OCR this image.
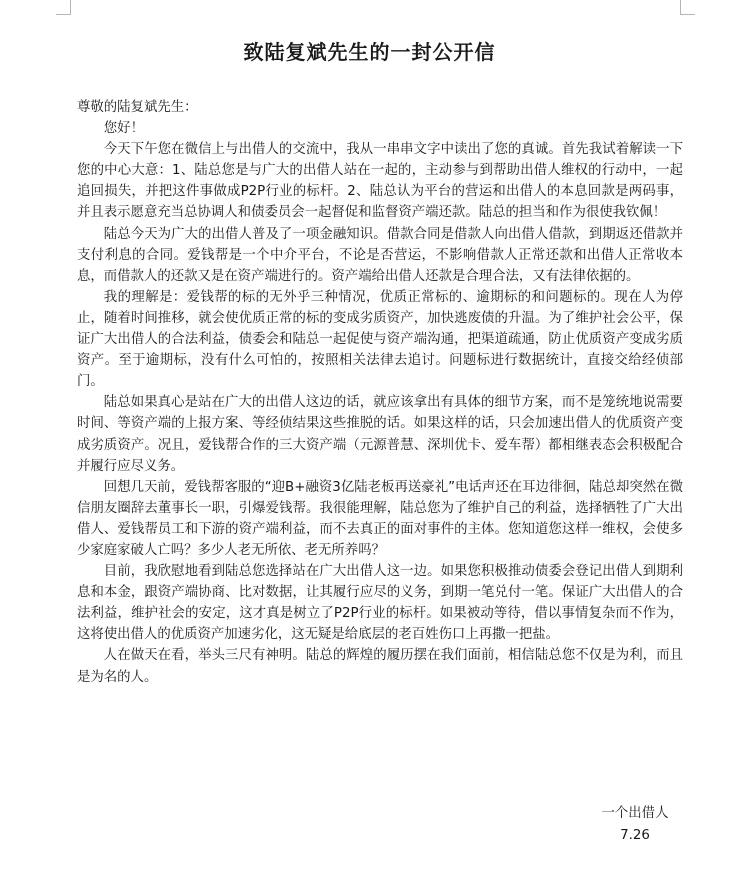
致陆复斌先生的一封公开信

尊敬的陆复斌先生：

您好！

今天下午您在微信上与出借人的交流中，我从一串串文字中读出了您的真诚。首先我试着解读一下您的中心大意：1、陆总您是与广大的出借人站在一起的，主动参与到帮助出借人维权的行动中，一起追回损失，并把这件事做成P2P行业的标杆。2、陆总认为平台的营运和出借人的本息回款是两码事，并且表示愿意充当总协调人和债委员会一起督促和监督资产端还款。陆总的担当和作为很使我钦佩！

陆总今天为广大的出借人普及了一项金融知识。借款合同是借款人向出借人借款，到期返还借款并支付利息的合同。爱钱帮是一个中介平台，不论是否营运，不影响借款人正常还款和出借人正常收本息，而借款人的还款又是在资产端进行的。资产端给出借人还款是合理合法，又有法律依据的。

我的理解是：爱钱帮的标的无外乎三种情况，优质正常标的、逾期标的和问题标的。现在人为停止，随着时间推移，就会使优质正常的标的变成劣质资产，加快逃废债的升温。为了维护社会公平，保证广大出借人的合法利益，债委会和陆总一起促使与资产端沟通，把渠道疏通，防止优质资产变成劣质资产。至于逾期标，没有什么可怕的，按照相关法律去追讨。问题标进行数据统计，直接交给经侦部门。

陆总如果真心是站在广大的出借人这边的话，就应该拿出有具体的细节方案，而不是笼统地说需要时间、等资产端的上报方案、等经侦结果这些推脱的话。如果这样的话，只会加速出借人的优质资产变成劣质资产。况且，爱钱帮合作的三大资产端（元源普慧、深圳优卡、爱车帮）都相继表态会积极配合并履行应尽义务。

回想几天前，爱钱帮客服的“迎B+融资3亿陆老板再送豪礼”电话声还在耳边徘徊，陆总却突然在微信朋友圈辞去董事长一职，引爆爱钱帮。我很能理解，陆总您为了维护自己的利益，选择牺牲了广大出借人、爱钱帮员工和下游的资产端利益，而不去真正的面对事件的主体。您知道您这样一维权，会使多少家庭家破人亡吗？多少人老无所依、老无所养吗？

目前，我欣慰地看到陆总您选择站在广大出借人这一边。如果您积极推动债委会登记出借人到期利息和本金，跟资产端协商、比对数据，让其履行应尽的义务，到期一笔兑付一笔。保证广大出借人的合法利益，维护社会的安定，这才真是树立了P2P行业的标杆。如果被动等待，借以事情复杂而不作为，这将使出借人的优质资产加速劣化，这无疑是给底层的老百姓伤口上再撒一把盐。

人在做天在看，举头三尺有神明。陆总的辉煌的履历摆在我们面前，相信陆总您不仅是为利，而且是为名的人。

一个出借人
7.26
